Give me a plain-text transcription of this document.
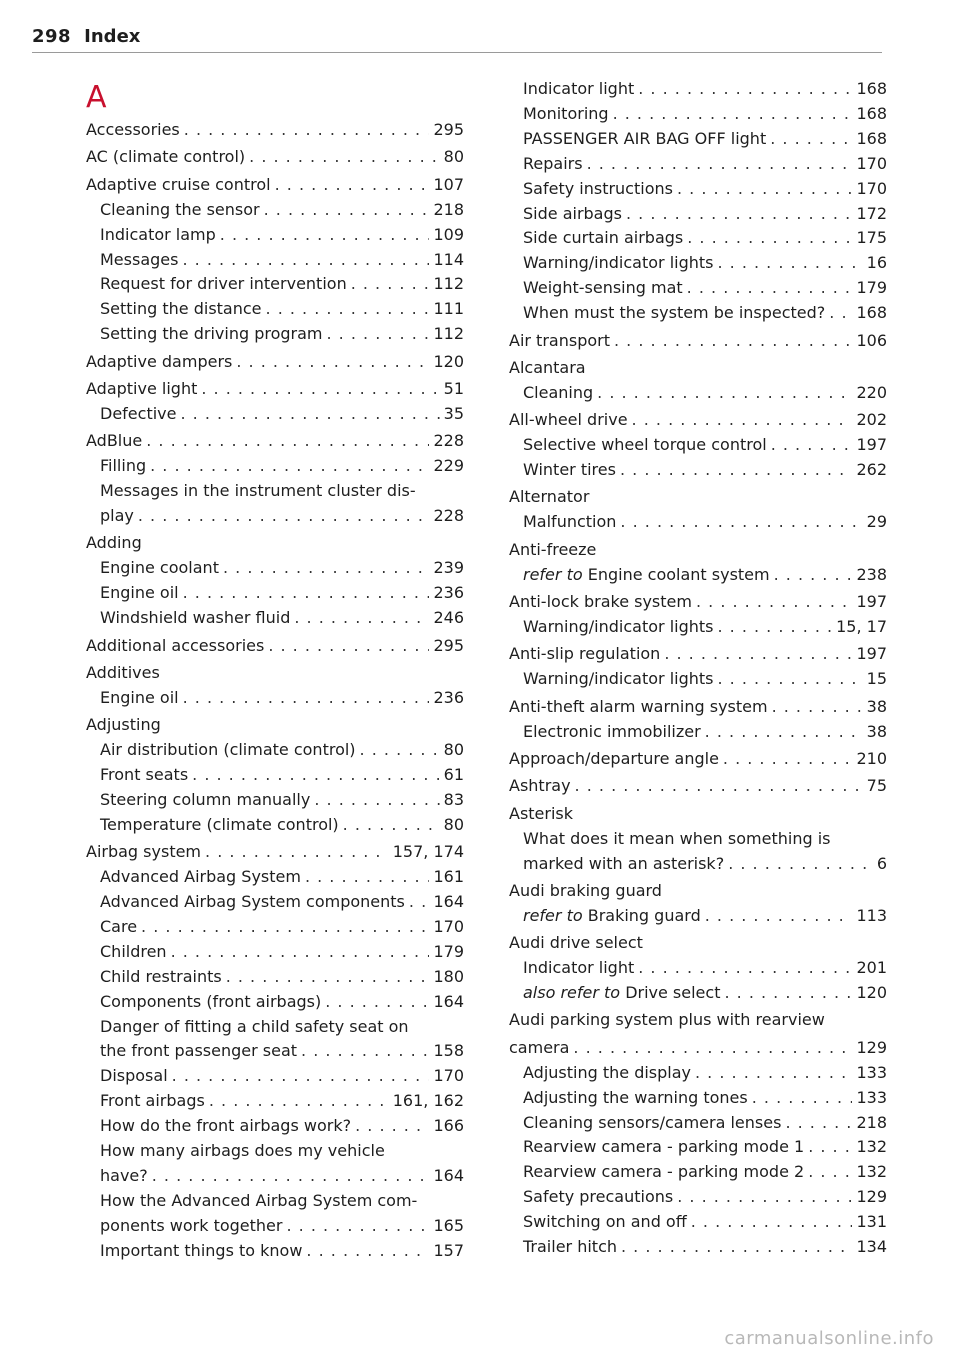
298 Index
A
Accessories . . .	295
AC (climate control) . . .	80
Adaptive cruise control . . .	107
Cleaning the sensor . . .	218
Indicator lamp . . .	109
Messages . . .	114
Request for driver intervention . . .	112
Setting the distance . . .	111
Setting the driving program . . .	112
Adaptive dampers . . .	120
Adaptive light . . .	51
Defective . . .	35
AdBlue . . .	228
Filling . . .	229
Messages in the instrument cluster dis-
play . . .	228
Adding
Engine coolant . . .	239
Engine oil . . .	236
Windshield washer fluid . . .	246
Additional accessories . . .	295
Additives
Engine oil . . .	236
Adjusting
Air distribution (climate control) . . .	80
Front seats . . .	61
Steering column manually . . .	83
Temperature (climate control) . . .	80
Airbag system . . .	157, 174
Advanced Airbag System . . .	161
Advanced Airbag System components . . . 164
Care . . .	170
Children . . .	179
Child restraints . . .	180
Components (front airbags) . . .	164
Danger of fitting a child safety seat on
the front passenger seat . . .	158
Disposal . . .	170
Front airbags . . .	161, 162
How do the front airbags work? . . .	166
How many airbags does my vehicle
have? . . .	164
How the Advanced Airbag System com-
ponents work together . . .	165
Important things to know . . .	157
Indicator light . . .	168
Monitoring . . .	168
PASSENGER AIR BAG OFF light . . .	168
Repairs . . .	170
Safety instructions . . .	170
Side airbags . . .	172
Side curtain airbags . . .	175
Warning/indicator lights . . .	16
Weight-sensing mat . . .	179
When must the system be inspected? . . . 168
Air transport . . .	106
Alcantara
Cleaning . . .	220
All-wheel drive . . .	202
Selective wheel torque control . . .	197
Winter tires . . .	262
Alternator
Malfunction . . .	29
Anti-freeze
refer to Engine coolant system . . .	238
Anti-lock brake system . . .	197
Warning/indicator lights . . .	15, 17
Anti-slip regulation . . .	197
Warning/indicator lights . . .	15
Anti-theft alarm warning system . . .	38
Electronic immobilizer . . .	38
Approach/departure angle . . .	210
Ashtray . . .	75
Asterisk
What does it mean when something is
marked with an asterisk? . . .	6
Audi braking guard
refer to Braking guard . . .	113
Audi drive select
Indicator light . . .	201
also refer to Drive select . . .	120
Audi parking system plus with rearview
camera . . .	129
Adjusting the display . . .	133
Adjusting the warning tones . . .	133
Cleaning sensors/camera lenses . . .	218
Rearview camera - parking mode 1 . . .	132
Rearview camera - parking mode 2 . . .	132
Safety precautions . . .	129
Switching on and off . . .	131
Trailer hitch . . .	134
carmanualsonline.info
